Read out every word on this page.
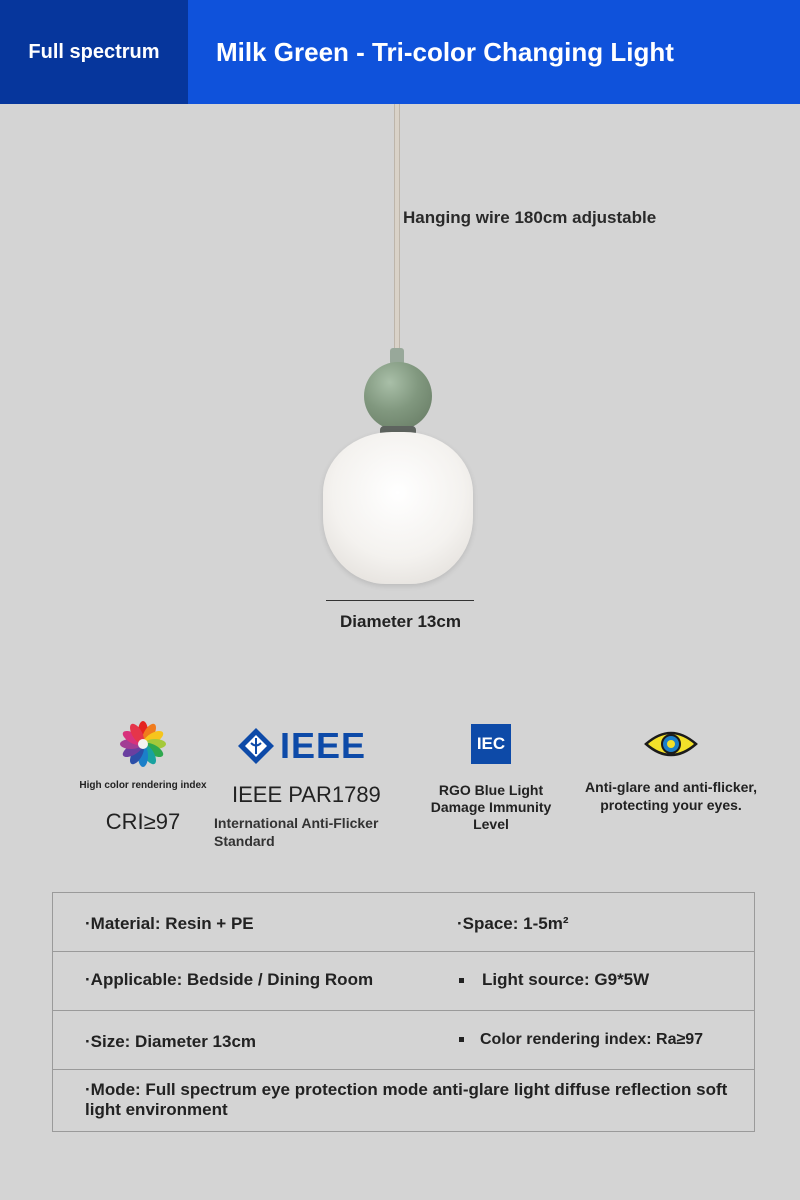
Full spectrum Milk Green - Tri-color Changing Light
Hanging wire 180cm adjustable
Diameter 13cm
High color rendering index
CRI≥97
IEEE
IEEE PAR1789
International Anti-Flicker Standard
IEC
RGO Blue Light Damage Immunity Level
Anti-glare and anti-flicker, protecting your eyes.
·Material: Resin + PE	·Space: 1-5m²
·Applicable: Bedside / Dining Room	Light source: G9*5W
·Size: Diameter 13cm	Color rendering index: Ra≥97
·Mode: Full spectrum eye protection mode anti-glare light diffuse reflection soft light environment
